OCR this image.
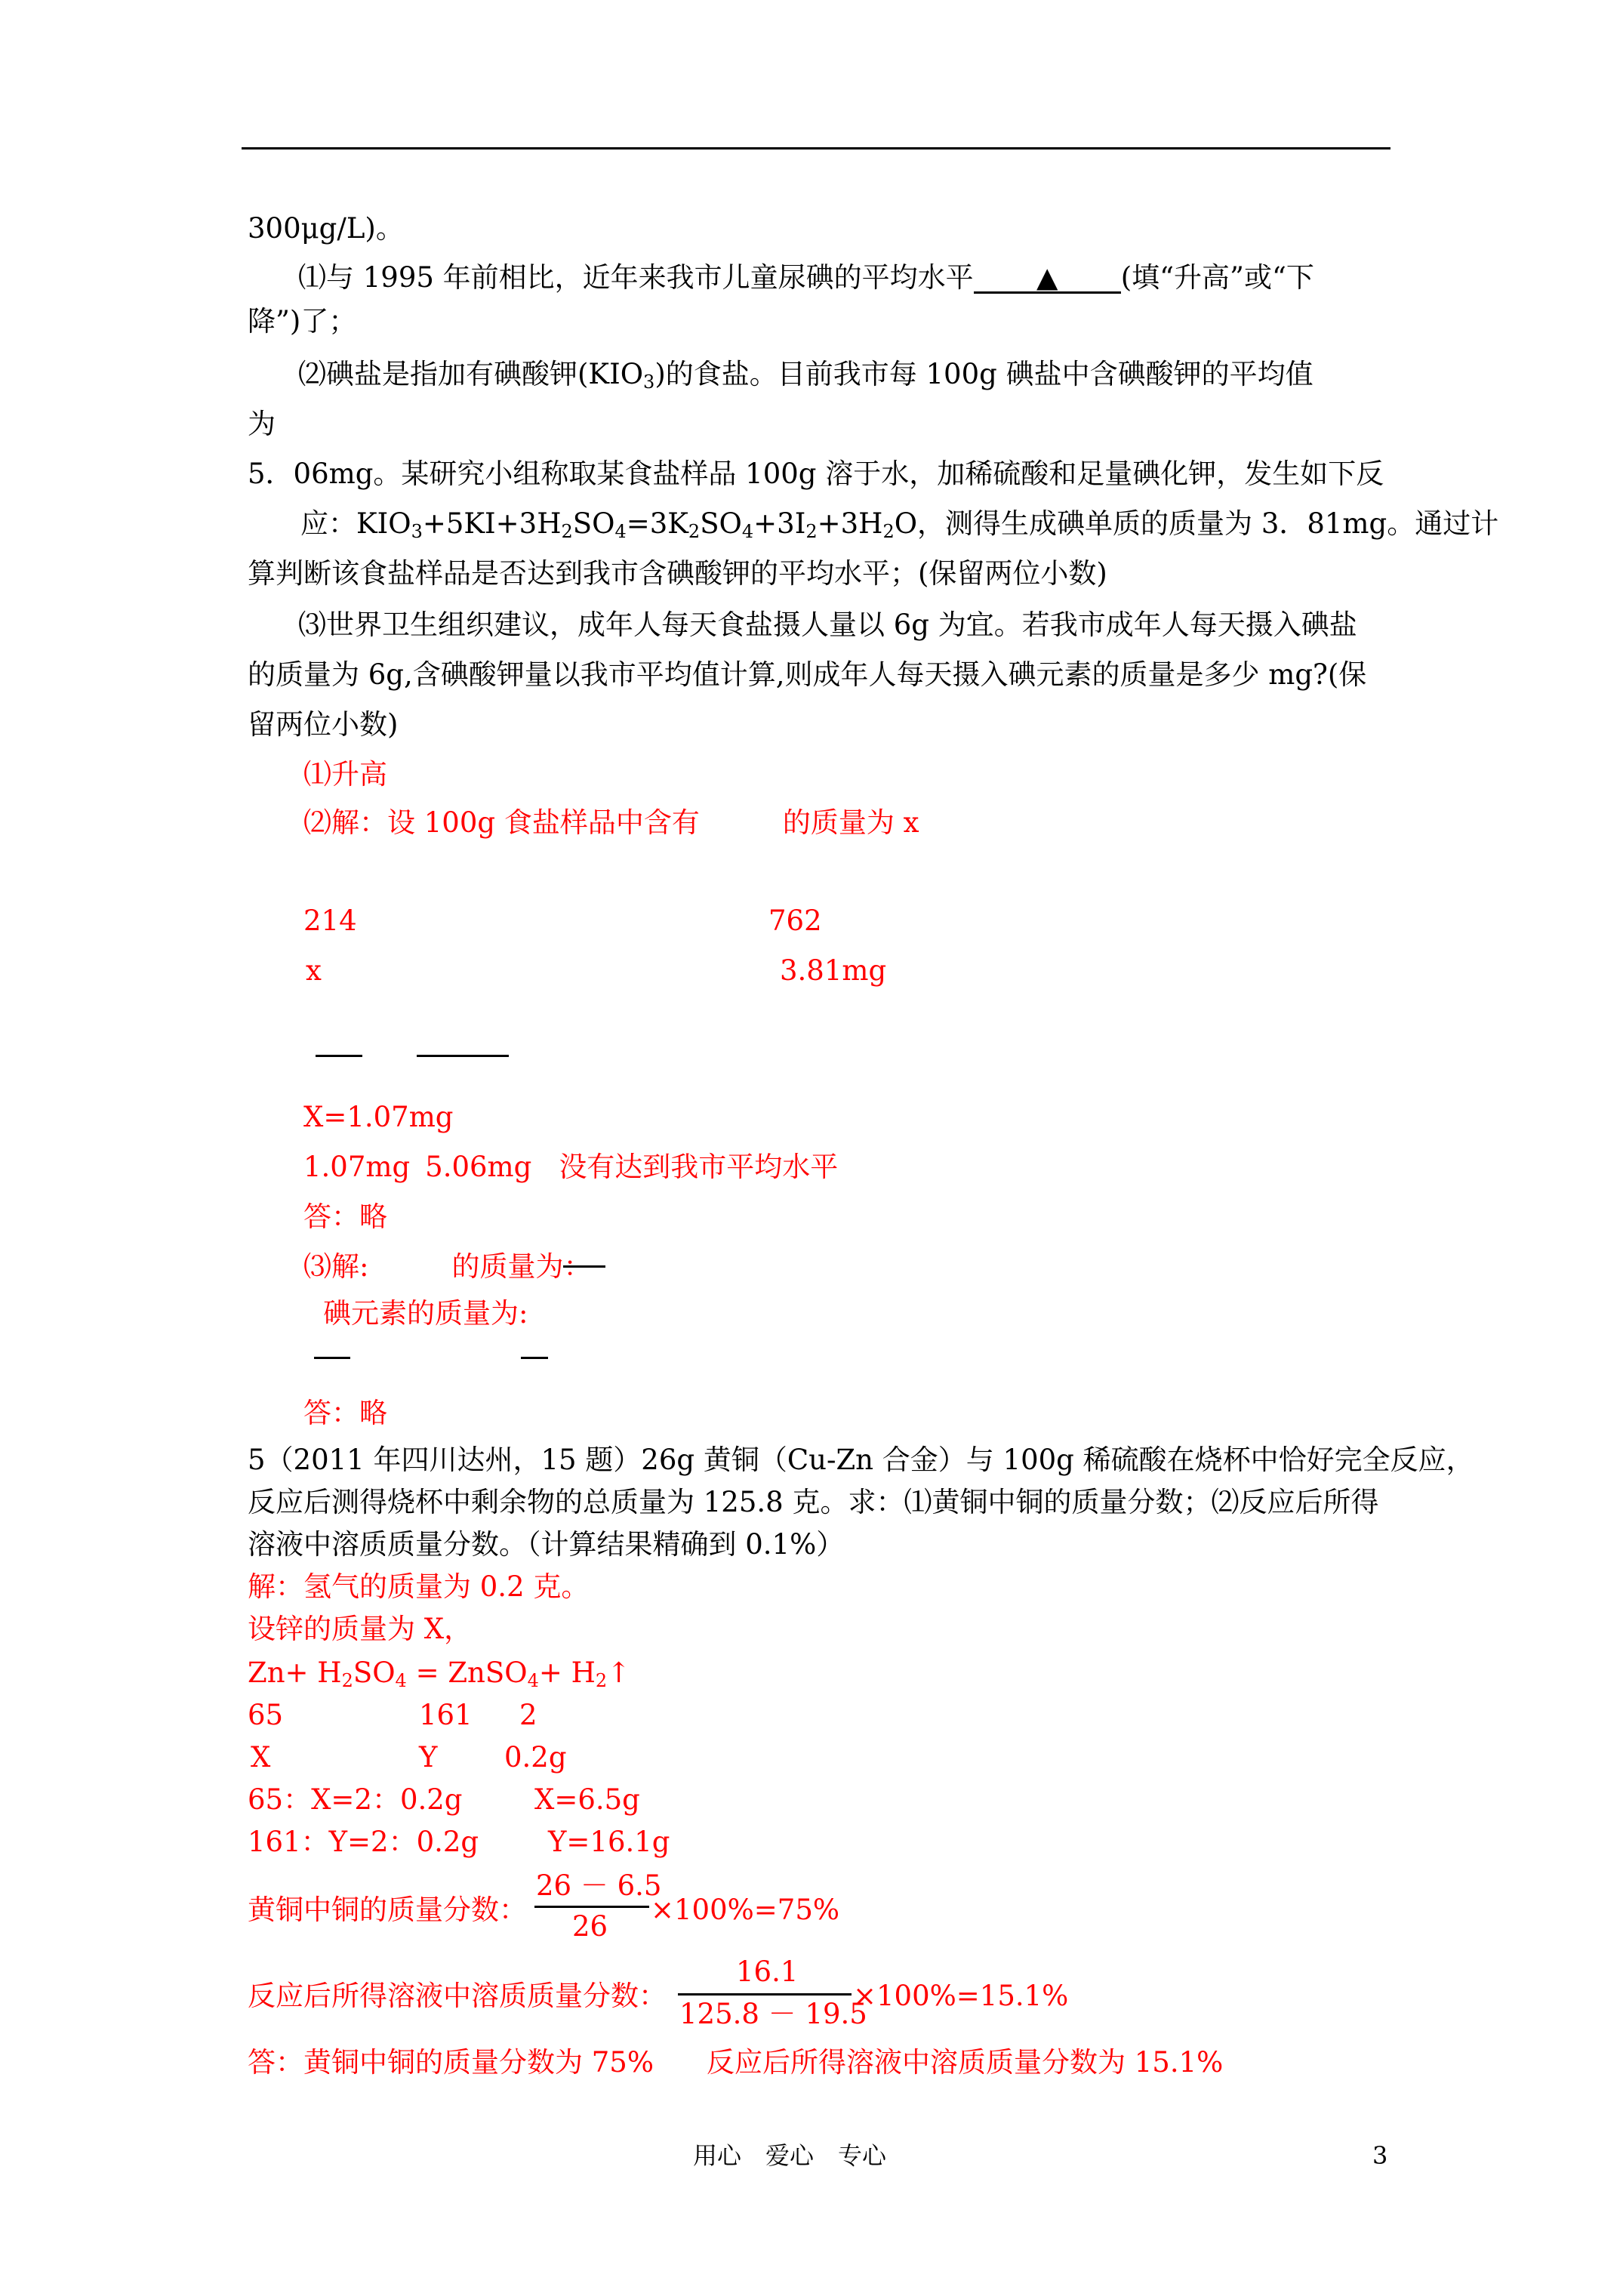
300μg/L)。
⑴与 1995 年前相比，近年来我市儿童尿碘的平均水平 ▲ (填“升高”或“下
降”)了；
⑵碘盐是指加有碘酸钾$(KIO_3)$的食盐。目前我市每 100g 碘盐中含碘酸钾的平均值
为
5．06mg。某研究小组称取某食盐样品 100g 溶于水，加稀硫酸和足量碘化钾，发生如下反
应：$KIO_3+5KI+3H_2SO_4=3K_2SO_4+3I_2+3H_2O$，测得生成碘单质的质量为 3．81mg。通过计
算判断该食盐样品是否达到我市含碘酸钾的平均水平；(保留两位小数)
⑶世界卫生组织建议，成年人每天食盐摄人量以 6g 为宜。若我市成年人每天摄入碘盐
的质量为 6g,含碘酸钾量以我市平均值计算,则成年人每天摄入碘元素的质量是多少 mg?(保
留两位小数)
⑴升高
⑵解：设 100g 食盐样品中含有	的质量为 x
214	762
x	3.81mg
X=1.07mg
1.07mg 5.06mg 没有达到我市平均水平
答：略
⑶解:	的质量为：
碘元素的质量为:
答：略
5（2011 年四川达州，15 题）26g 黄铜（Cu-Zn 合金）与 100g 稀硫酸在烧杯中恰好完全反应，
反应后测得烧杯中剩余物的总质量为 125.8 克。求：⑴黄铜中铜的质量分数；⑵反应后所得
溶液中溶质质量分数。（计算结果精确到 0.1%）
解：氢气的质量为 0.2 克。
设锌的质量为 X，
$Zn+ H_2SO_4$ = ZnSO$_4$+ $H_2↑$
65	161 2
X	Y 0.2g
65：X=2：0.2g	X=6.5g
161：Y=2：0.2g Y=16.1g
黄铜中铜的质量分数：
26 － 6.5
26
×100%=75%
反应后所得溶液中溶质质量分数：
16.1
125.8 － 19.5
×100%=15.1%
答：黄铜中铜的质量分数为 75% 反应后所得溶液中溶质质量分数为 15.1%
用心　爱心　专心	3
